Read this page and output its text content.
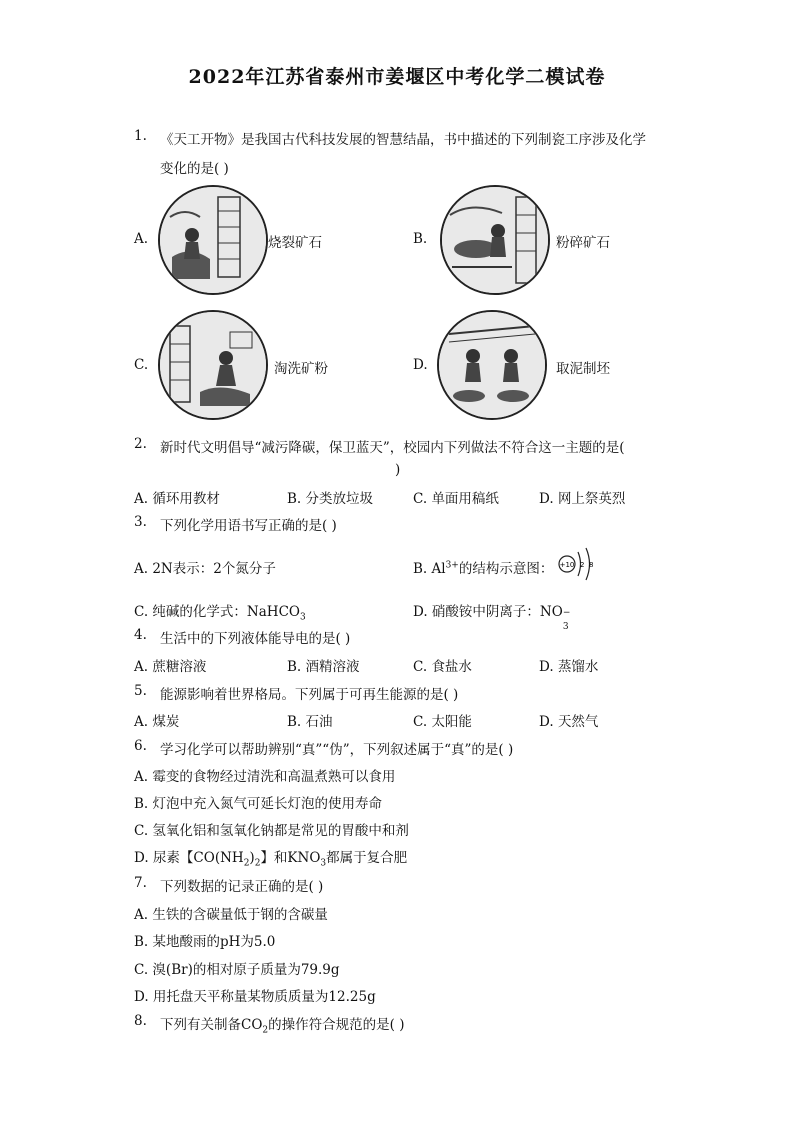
2022年江苏省泰州市姜堰区中考化学二模试卷
1. 《天工开物》是我国古代科技发展的智慧结晶，书中描述的下列制瓷工序涉及化学
变化的是( )
A.	烧裂矿石	B.	粉碎矿石
C.	淘洗矿粉	D.	取泥制坯
2. 新时代文明倡导“减污降碳，保卫蓝天”，校园内下列做法不符合这一主题的是(
)
A. 循环用教材	B. 分类放垃圾	C. 单面用稿纸	D. 网上祭英烈
3. 下列化学用语书写正确的是( )
A. 2N表示：2个氮分子	B. $Al^{3+}$的结构示意图： +10 2 8
C. 纯碱的化学式：NaHCO$_3$	D. 硝酸铵中阴离子：NO −
3
4. 生活中的下列液体能导电的是( )
A. 蔗糖溶液	B. 酒精溶液	C. 食盐水	D. 蒸馏水
5. 能源影响着世界格局。下列属于可再生能源的是( )
A. 煤炭	B. 石油	C. 太阳能	D. 天然气
6. 学习化学可以帮助辨别“真”“伪”，下列叙述属于“真”的是( )
A. 霉变的食物经过清洗和高温煮熟可以食用
B. 灯泡中充入氮气可延长灯泡的使用寿命
C. 氢氧化铝和氢氧化钠都是常见的胃酸中和剂
D. 尿素【$CO(NH_2)_2$】和$KNO_3$都属于复合肥
7. 下列数据的记录正确的是( )
A. 生铁的含碳量低于钢的含碳量
B. 某地酸雨的pH为5.0
C. 溴(Br)的相对原子质量为79.9g
D. 用托盘天平称量某物质质量为12.25g
8. 下列有关制备$CO_2$的操作符合规范的是( )
